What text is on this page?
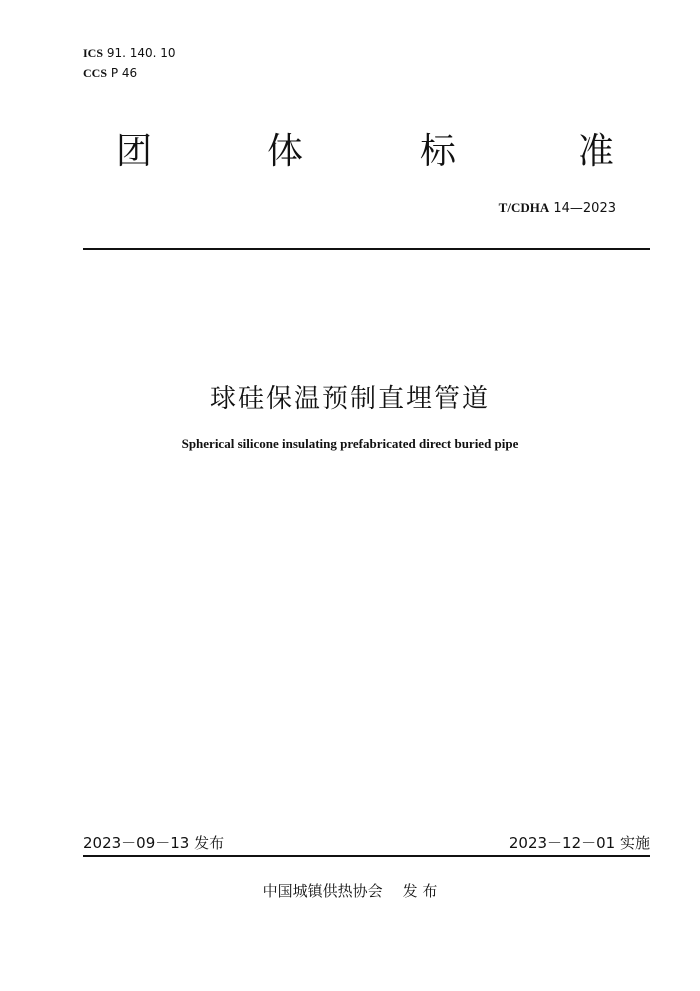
ICS 91. 140. 10
CCS P 46
团	体	标	准
T/CDHA 14—2023
球硅保温预制直埋管道
Spherical silicone insulating prefabricated direct buried pipe
2023－09－13 发布	2023－12－01 实施
中国城镇供热协会 发 布
